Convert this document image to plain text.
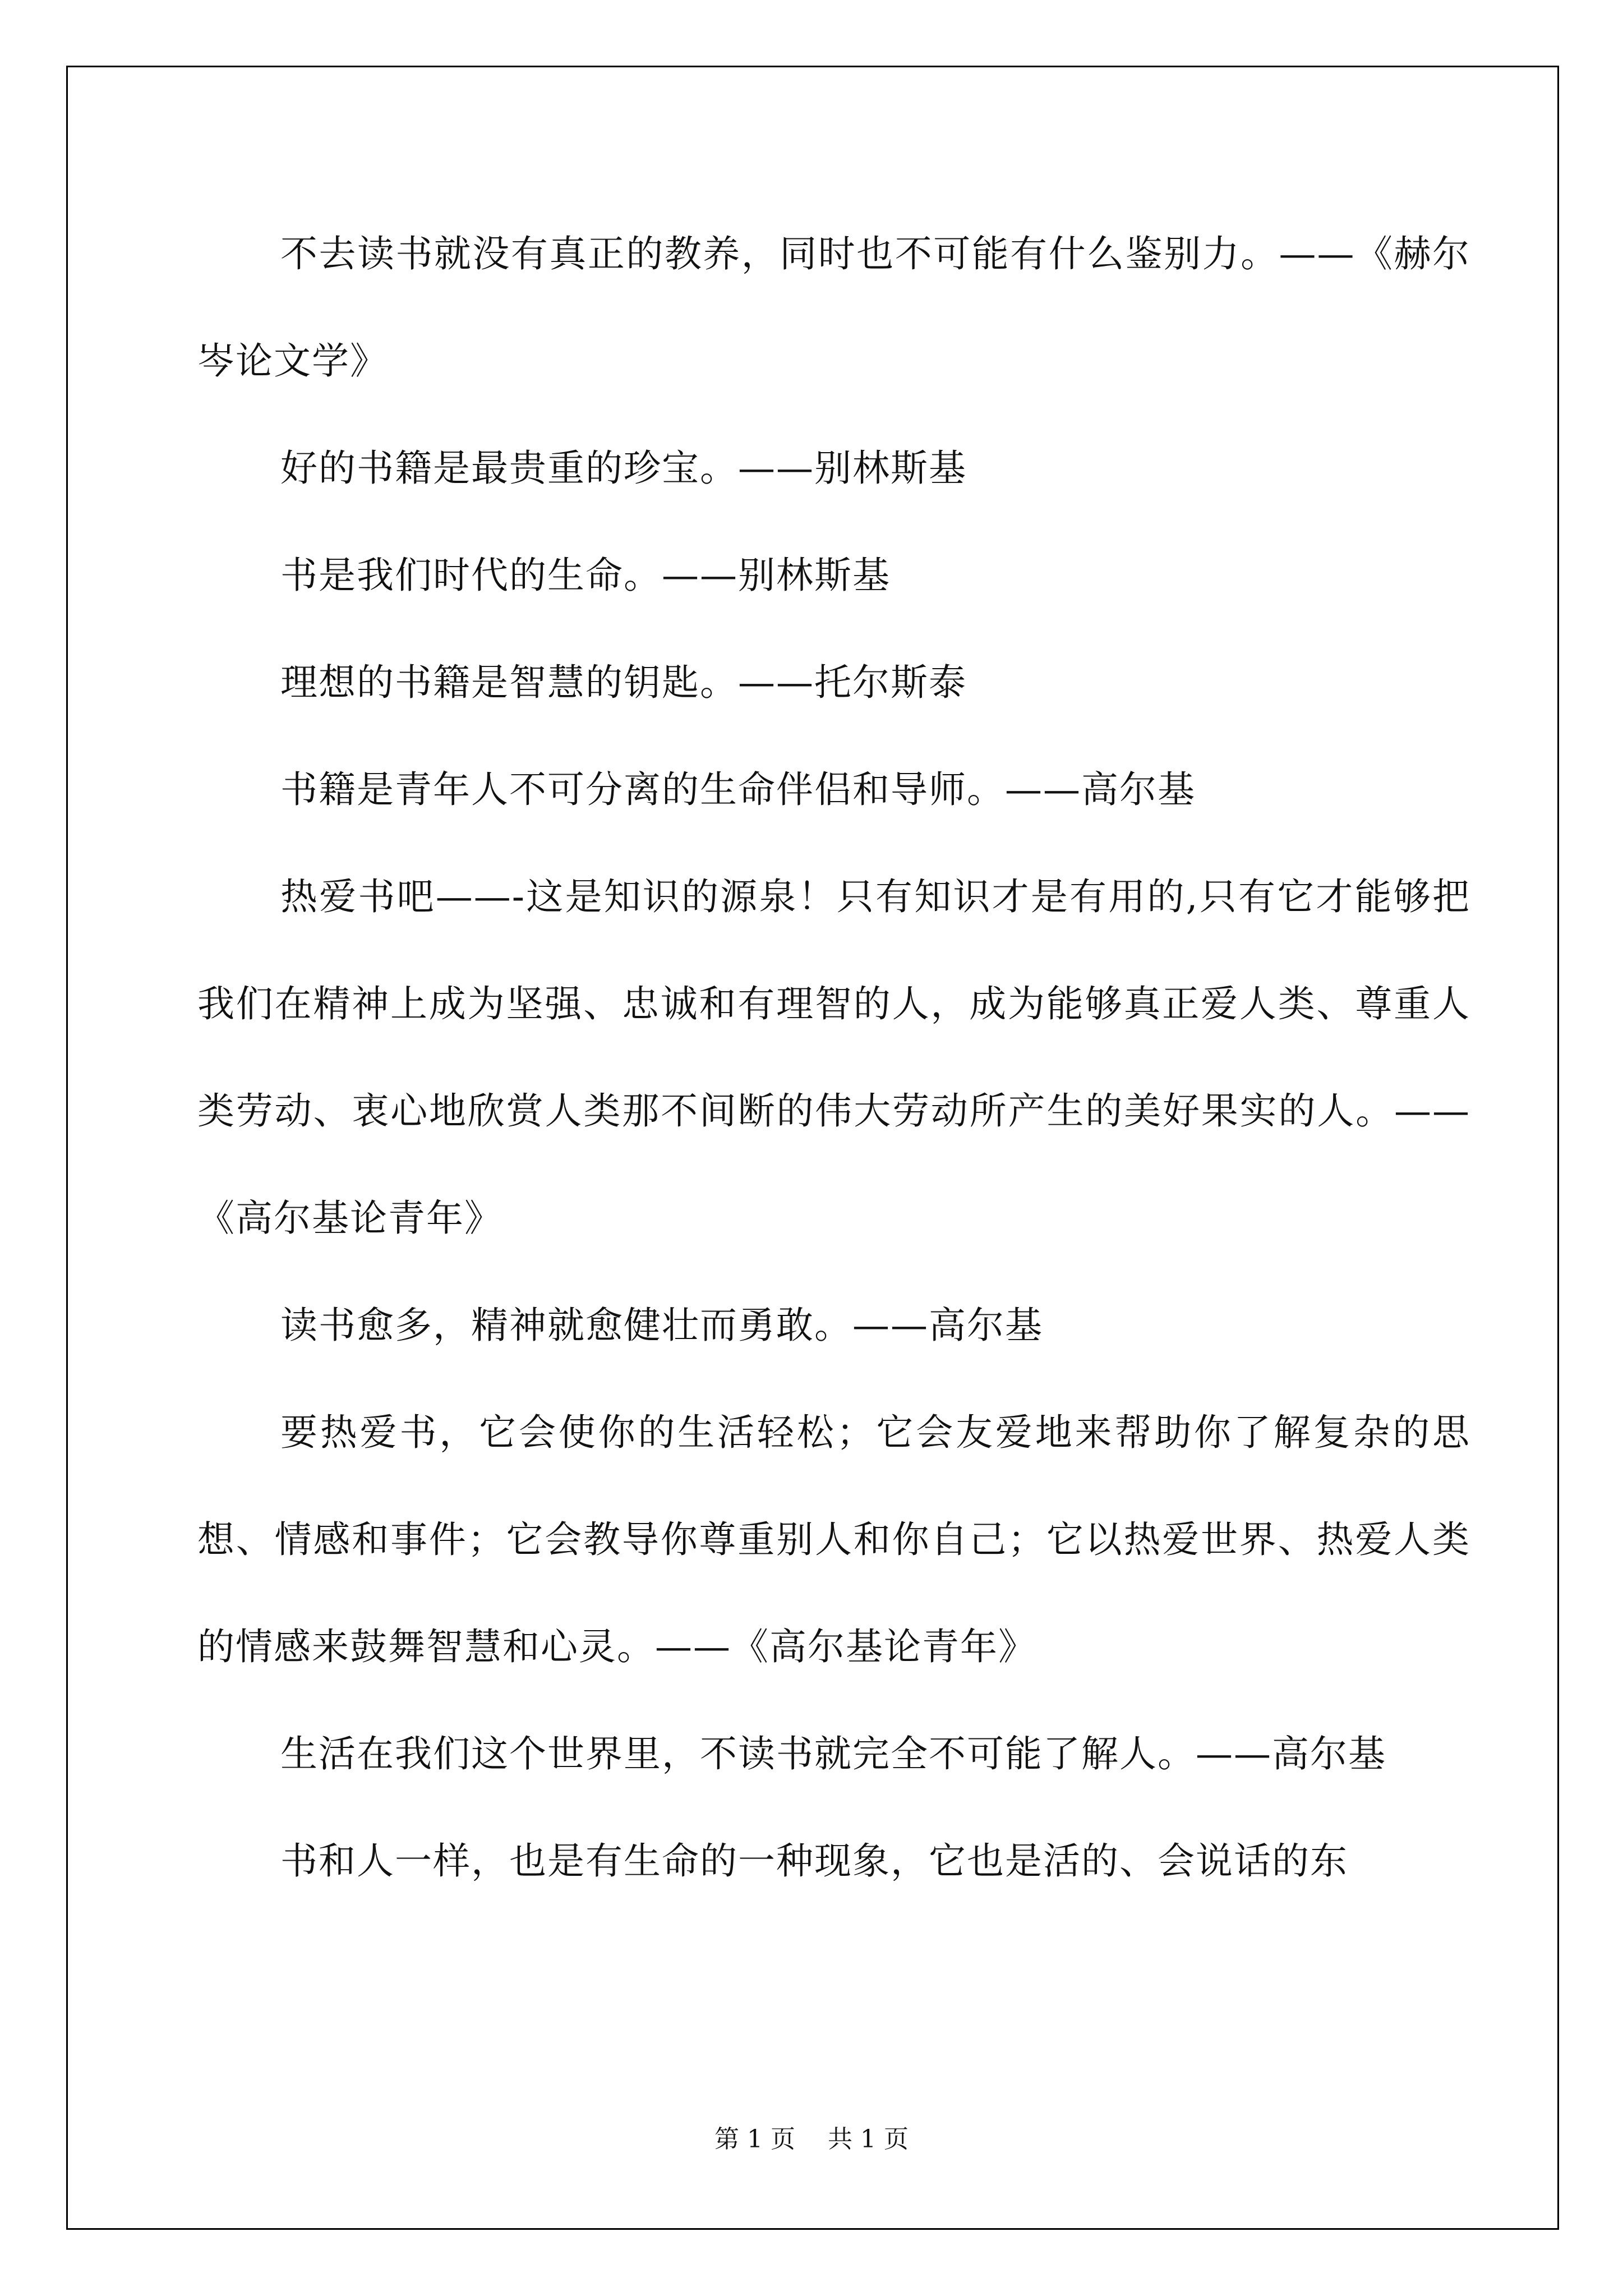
不去读书就没有真正的教养，同时也不可能有什么鉴别力。——《赫尔岑论文学》

好的书籍是最贵重的珍宝。——别林斯基

书是我们时代的生命。——别林斯基

理想的书籍是智慧的钥匙。——托尔斯泰

书籍是青年人不可分离的生命伴侣和导师。——高尔基

热爱书吧——-这是知识的源泉！只有知识才是有用的,只有它才能够把我们在精神上成为坚强、忠诚和有理智的人，成为能够真正爱人类、尊重人类劳动、衷心地欣赏人类那不间断的伟大劳动所产生的美好果实的人。——《高尔基论青年》

读书愈多，精神就愈健壮而勇敢。——高尔基

要热爱书，它会使你的生活轻松；它会友爱地来帮助你了解复杂的思想、情感和事件；它会教导你尊重别人和你自己；它以热爱世界、热爱人类的情感来鼓舞智慧和心灵。——《高尔基论青年》

生活在我们这个世界里，不读书就完全不可能了解人。——高尔基

书和人一样，也是有生命的一种现象，它也是活的、会说话的东

第 1 页 共 1 页
